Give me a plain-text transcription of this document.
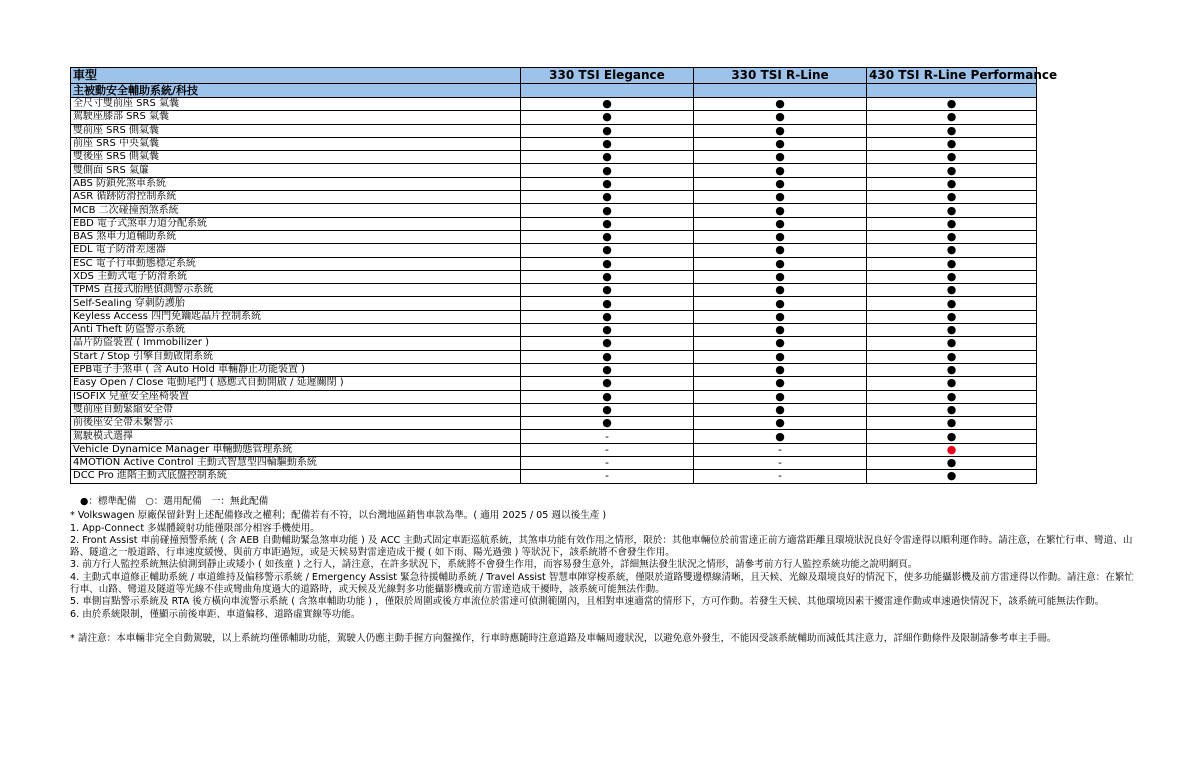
車型	330 TSI Elegance	330 TSI R-Line	430 TSI R-Line Performance
主被動安全輔助系統/科技			
全尺寸雙前座 SRS 氣囊	●	●	●
駕駛座膝部 SRS 氣囊	●	●	●
雙前座 SRS 側氣囊	●	●	●
前座 SRS 中央氣囊	●	●	●
雙後座 SRS 側氣囊	●	●	●
雙側面 SRS 氣簾	●	●	●
ABS 防鎖死煞車系統	●	●	●
ASR 循跡防滑控制系統	●	●	●
MCB 二次碰撞預煞系統	●	●	●
EBD 電子式煞車力道分配系統	●	●	●
BAS 煞車力道輔助系統	●	●	●
EDL 電子防滑差速器	●	●	●
ESC 電子行車動態穩定系統	●	●	●
XDS 主動式電子防滑系統	●	●	●
TPMS 直接式胎壓偵測警示系統	●	●	●
Self-Sealing 穿刺防護胎	●	●	●
Keyless Access 四門免鑰匙晶片控制系統	●	●	●
Anti Theft 防盜警示系統	●	●	●
晶片防盜裝置 ( Immobilizer )	●	●	●
Start / Stop 引擎自動啟閉系統	●	●	●
EPB電子手煞車 ( 含 Auto Hold 車輛靜止功能裝置 )	●	●	●
Easy Open / Close 電動尾門 ( 感應式自動開啟 / 延遲關閉 )	●	●	●
ISOFIX 兒童安全座椅裝置	●	●	●
雙前座自動緊縮安全帶	●	●	●
前後座安全帶未繫警示	●	●	●
駕駛模式選擇	-	●	●
Vehicle Dynamice Manager 車輛動態管理系統	-	-	●
4MOTION Active Control 主動式智慧型四輪驅動系統	-	-	●
DCC Pro 進階主動式底盤控制系統	-	-	●
●：標準配備 ○：選用配備 一：無此配備

* Volkswagen 原廠保留針對上述配備修改之權利；配備若有不符，以台灣地區銷售車款為準。( 適用 2025 / 05 週以後生產 )

1. App-Connect 多媒體鏡射功能僅限部分相容手機使用。

2. Front Assist 車前碰撞預警系統 ( 含 AEB 自動輔助緊急煞車功能 ) 及 ACC 主動式固定車距巡航系統，其煞車功能有效作用之情形，限於：其他車輛位於前雷達正前方適當距離且環境狀況良好令雷達得以順利運作時。請注意，在繁忙行車、彎道、山路、隧道之一般道路、行車速度緩慢、與前方車距過短，或是天候易對雷達造成干擾 ( 如下雨、陽光過強 ) 等狀況下，該系統將不會發生作用。

3. 前方行人監控系統無法偵測到靜止或矮小 ( 如孩童 ) 之行人，請注意，在許多狀況下，系統將不會發生作用，而容易發生意外，詳細無法發生狀況之情形，請參考前方行人監控系統功能之說明網頁。

4. 主動式車道修正輔助系統 / 車道維持及偏移警示系統 / Emergency Assist 緊急待援輔助系統 / Travel Assist 智慧車陣穿梭系統，僅限於道路雙邊標線清晰，且天候、光線及環境良好的情況下，使多功能攝影機及前方雷達得以作動。請注意：在繁忙行車、山路、彎道及隧道等光線不佳或彎曲角度過大的道路時，或天候及光線對多功能攝影機或前方雷達造成干擾時，該系統可能無法作動。

5. 車側盲點警示系統及 RTA 後方橫向車流警示系統 ( 含煞車輔助功能 ) ，僅限於周圍或後方車流位於雷達可偵測範圍內，且相對車速適當的情形下，方可作動。若發生天候、其他環境因素干擾雷達作動或車速過快情況下，該系統可能無法作動。

6. 由於系統限制，僅顯示前後車距、車道偏移、道路虛實線等功能。

* 請注意：本車輛非完全自動駕駛，以上系統均僅係輔助功能，駕駛人仍應主動手握方向盤操作，行車時應隨時注意道路及車輛周邊狀況，以避免意外發生，不能因受該系統輔助而減低其注意力，詳細作動條件及限制請參考車主手冊。
